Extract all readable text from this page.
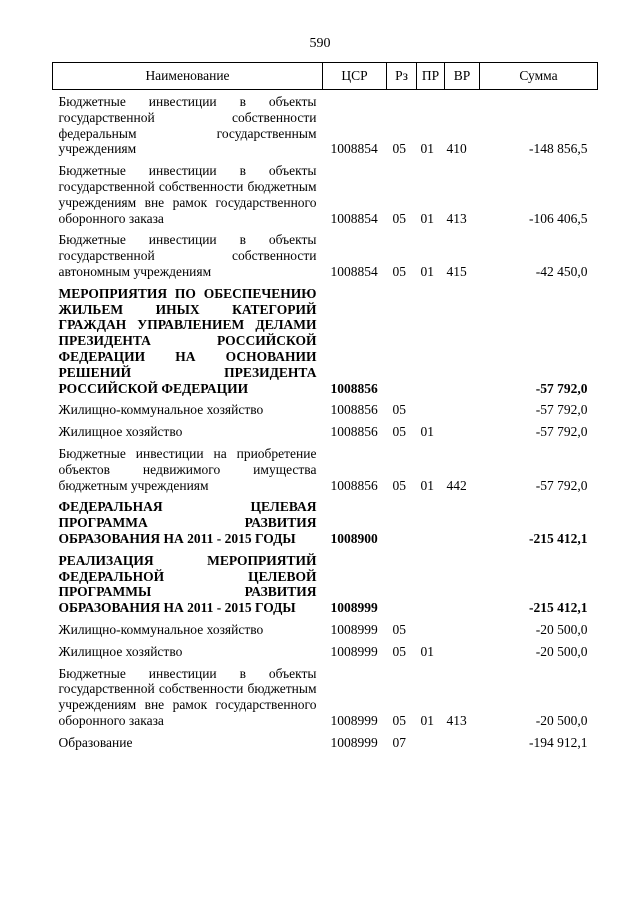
590
Наименование	ЦСР	Рз	ПР	ВР	Сумма
Бюджетные инвестиции в объекты государственной собственности федеральным государственным учреждениям	1008854	05	01	410	-148 856,5
Бюджетные инвестиции в объекты государственной собственности бюджетным учреждениям вне рамок государственного оборонного заказа	1008854	05	01	413	-106 406,5
Бюджетные инвестиции в объекты государственной собственности автономным учреждениям	1008854	05	01	415	-42 450,0
МЕРОПРИЯТИЯ ПО ОБЕСПЕЧЕНИЮ ЖИЛЬЕМ ИНЫХ КАТЕГОРИЙ ГРАЖДАН УПРАВЛЕНИЕМ ДЕЛАМИ ПРЕЗИДЕНТА РОССИЙСКОЙ ФЕДЕРАЦИИ НА ОСНОВАНИИ РЕШЕНИЙ ПРЕЗИДЕНТА РОССИЙСКОЙ ФЕДЕРАЦИИ	1008856				-57 792,0
Жилищно-коммунальное хозяйство	1008856	05			-57 792,0
Жилищное хозяйство	1008856	05	01		-57 792,0
Бюджетные инвестиции на приобретение объектов недвижимого имущества бюджетным учреждениям	1008856	05	01	442	-57 792,0
ФЕДЕРАЛЬНАЯ ЦЕЛЕВАЯ ПРОГРАММА РАЗВИТИЯ ОБРАЗОВАНИЯ НА 2011 - 2015 ГОДЫ	1008900				-215 412,1
РЕАЛИЗАЦИЯ МЕРОПРИЯТИЙ ФЕДЕРАЛЬНОЙ ЦЕЛЕВОЙ ПРОГРАММЫ РАЗВИТИЯ ОБРАЗОВАНИЯ НА 2011 - 2015 ГОДЫ	1008999				-215 412,1
Жилищно-коммунальное хозяйство	1008999	05			-20 500,0
Жилищное хозяйство	1008999	05	01		-20 500,0
Бюджетные инвестиции в объекты государственной собственности бюджетным учреждениям вне рамок государственного оборонного заказа	1008999	05	01	413	-20 500,0
Образование	1008999	07			-194 912,1
